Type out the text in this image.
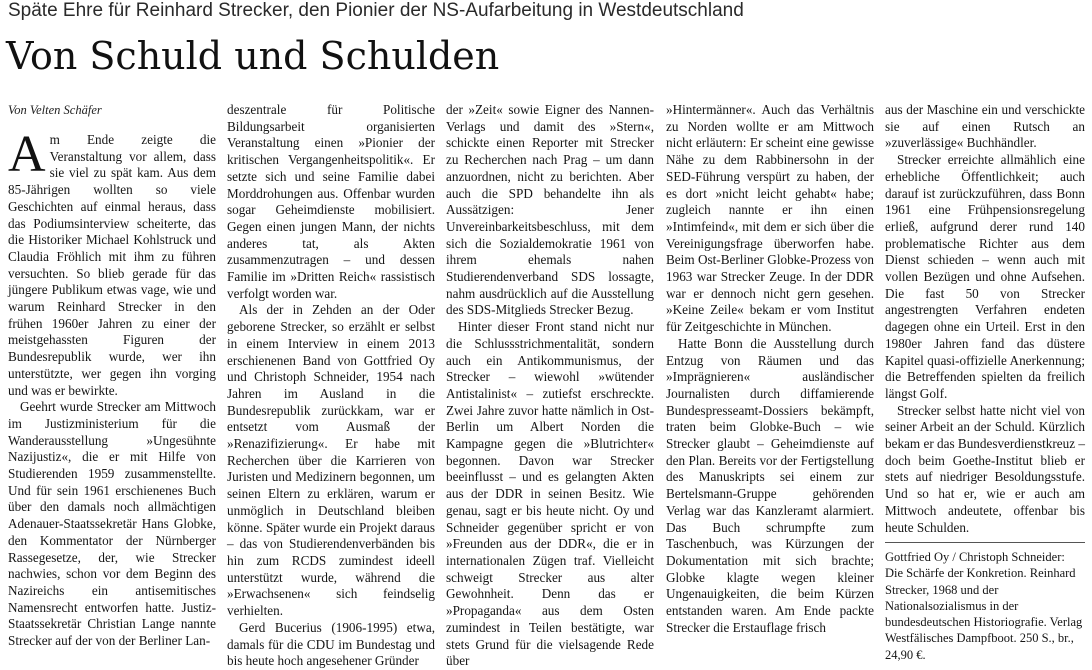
Späte Ehre für Reinhard Strecker, den Pionier der NS-Aufarbeitung in Westdeutschland
Von Schuld und Schulden
Von Velten Schäfer

Am Ende zeigte die Veranstaltung vor allem, dass sie viel zu spät kam. Aus dem 85-Jährigen wollten so viele Geschichten auf einmal heraus, dass das Podiumsinterview scheiterte, das die Historiker Michael Kohlstruck und Claudia Fröhlich mit ihm zu führen versuchten. So blieb gerade für das jüngere Publikum etwas vage, wie und warum Reinhard Strecker in den frühen 1960er Jahren zu einer der meistgehassten Figuren der Bundesrepublik wurde, wer ihn unterstützte, wer gegen ihn vorging und was er bewirkte.

Geehrt wurde Strecker am Mittwoch im Justizministerium für die Wanderausstellung »Ungesühnte Nazijustiz«, die er mit Hilfe von Studierenden 1959 zusammenstellte. Und für sein 1961 erschienenes Buch über den damals noch allmächtigen Adenauer-Staatssekretär Hans Globke, den Kommentator der Nürnberger Rassegesetze, der, wie Strecker nachwies, schon vor dem Beginn des Nazireichs ein antisemitisches Namensrecht entworfen hatte. Justiz-Staatssekretär Christian Lange nannte Strecker auf der von der Berliner Lan-

deszentrale für Politische Bildungsarbeit organisierten Veranstaltung einen »Pionier der kritischen Vergangenheitspolitik«. Er setzte sich und seine Familie dabei Morddrohungen aus. Offenbar wurden sogar Geheimdienste mobilisiert. Gegen einen jungen Mann, der nichts anderes tat, als Akten zusammenzutragen – und dessen Familie im »Dritten Reich« rassistisch verfolgt worden war.

Als der in Zehden an der Oder geborene Strecker, so erzählt er selbst in einem Interview in einem 2013 erschienenen Band von Gottfried Oy und Christoph Schneider, 1954 nach Jahren im Ausland in die Bundesrepublik zurückkam, war er entsetzt vom Ausmaß der »Renazifizierung«. Er habe mit Recherchen über die Karrieren von Juristen und Medizinern begonnen, um seinen Eltern zu erklären, warum er unmöglich in Deutschland bleiben könne. Später wurde ein Projekt daraus – das von Studierendenverbänden bis hin zum RCDS zumindest ideell unterstützt wurde, während die »Erwachsenen« sich feindselig verhielten.

Gerd Bucerius (1906-1995) etwa, damals für die CDU im Bundestag und bis heute hoch angesehener Gründer

der »Zeit« sowie Eigner des Nannen-Verlags und damit des »Stern«, schickte einen Reporter mit Strecker zu Recherchen nach Prag – um dann anzuordnen, nicht zu berichten. Aber auch die SPD behandelte ihn als Aussätzigen: Jener Unvereinbarkeitsbeschluss, mit dem sich die Sozialdemokratie 1961 von ihrem ehemals nahen Studierendenverband SDS lossagte, nahm ausdrücklich auf die Ausstellung des SDS-Mitglieds Strecker Bezug.

Hinter dieser Front stand nicht nur die Schlussstrichmentalität, sondern auch ein Antikommunismus, der Strecker – wiewohl »wütender Antistalinist« – zutiefst erschreckte. Zwei Jahre zuvor hatte nämlich in Ost-Berlin um Albert Norden die Kampagne gegen die »Blutrichter« begonnen. Davon war Strecker beeinflusst – und es gelangten Akten aus der DDR in seinen Besitz. Wie genau, sagt er bis heute nicht. Oy und Schneider gegenüber spricht er von »Freunden aus der DDR«, die er in internationalen Zügen traf. Vielleicht schweigt Strecker aus alter Gewohnheit. Denn das er »Propaganda« aus dem Osten zumindest in Teilen bestätigte, war stets Grund für die vielsagende Rede über

»Hintermänner«. Auch das Verhältnis zu Norden wollte er am Mittwoch nicht erläutern: Er scheint eine gewisse Nähe zu dem Rabbinersohn in der SED-Führung verspürt zu haben, der es dort »nicht leicht gehabt« habe; zugleich nannte er ihn einen »Intimfeind«, mit dem er sich über die Vereinigungsfrage überworfen habe. Beim Ost-Berliner Globke-Prozess von 1963 war Strecker Zeuge. In der DDR war er dennoch nicht gern gesehen. »Keine Zeile« bekam er vom Institut für Zeitgeschichte in München.

Hatte Bonn die Ausstellung durch Entzug von Räumen und das »Imprägnieren« ausländischer Journalisten durch diffamierende Bundespresseamt-Dossiers bekämpft, traten beim Globke-Buch – wie Strecker glaubt – Geheimdienste auf den Plan. Bereits vor der Fertigstellung des Manuskripts sei einem zur Bertelsmann-Gruppe gehörenden Verlag war das Kanzleramt alarmiert. Das Buch schrumpfte zum Taschenbuch, was Kürzungen der Dokumentation mit sich brachte; Globke klagte wegen kleiner Ungenauigkeiten, die beim Kürzen entstanden waren. Am Ende packte Strecker die Erstauflage frisch

aus der Maschine ein und verschickte sie auf einen Rutsch an »zuverlässige« Buchhändler.

Strecker erreichte allmählich eine erhebliche Öffentlichkeit; auch darauf ist zurückzuführen, dass Bonn 1961 eine Frühpensionsregelung erließ, aufgrund derer rund 140 problematische Richter aus dem Dienst schieden – wenn auch mit vollen Bezügen und ohne Aufsehen. Die fast 50 von Strecker angestrengten Verfahren endeten dagegen ohne ein Urteil. Erst in den 1980er Jahren fand das düstere Kapitel quasi-offizielle Anerkennung; die Betreffenden spielten da freilich längst Golf.

Strecker selbst hatte nicht viel von seiner Arbeit an der Schuld. Kürzlich bekam er das Bundesverdienstkreuz – doch beim Goethe-Institut blieb er stets auf niedriger Besoldungsstufe. Und so hat er, wie er auch am Mittwoch andeutete, offenbar bis heute Schulden.

Gottfried Oy / Christoph Schneider: Die Schärfe der Konkretion. Reinhard Strecker, 1968 und der Nationalsozialismus in der bundesdeutschen Historiografie. Verlag Westfälisches Dampfboot. 250 S., br., 24,90 €.
